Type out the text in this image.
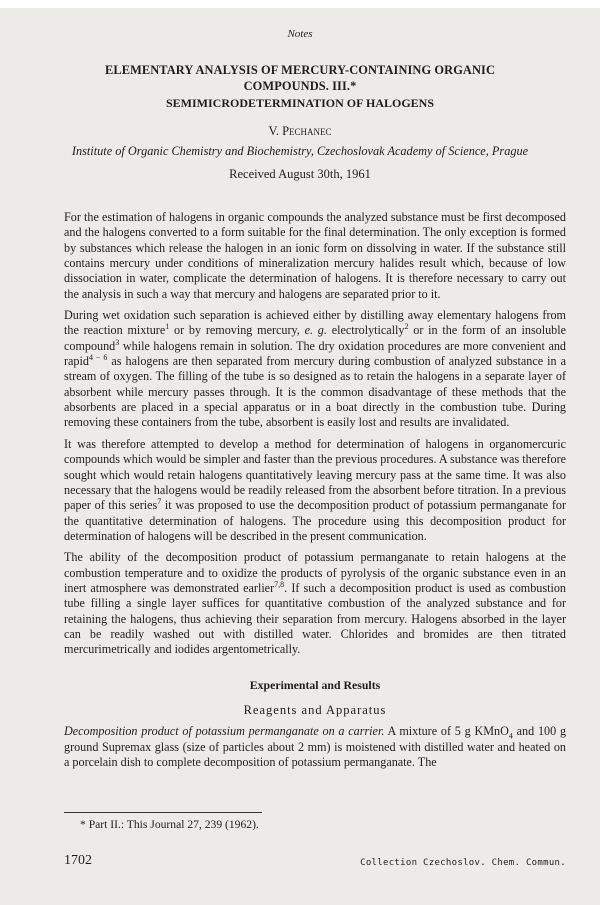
Notes
ELEMENTARY ANALYSIS OF MERCURY-CONTAINING ORGANIC
COMPOUNDS. III.*
SEMIMICRODETERMINATION OF HALOGENS
V. Pechanec
Institute of Organic Chemistry and Biochemistry, Czechoslovak Academy of Science, Prague
Received August 30th, 1961

For the estimation of halogens in organic compounds the analyzed substance must be first decomposed and the halogens converted to a form suitable for the final determination. The only exception is formed by substances which release the halogen in an ionic form on dissolving in water. If the substance still contains mercury under conditions of mineralization mercury halides result which, because of low dissociation in water, complicate the determination of halogens. It is therefore necessary to carry out the analysis in such a way that mercury and halogens are separated prior to it.

During wet oxidation such separation is achieved either by distilling away elementary halogens from the reaction mixture$^1$ or by removing mercury, e. g. electrolytically$^2$ or in the form of an insoluble compound$^3$ while halogens remain in solution. The dry oxidation procedures are more convenient and rapid$^{4 - 6}$ as halogens are then separated from mercury during combustion of analyzed substance in a stream of oxygen. The filling of the tube is so designed as to retain the halogens in a separate layer of absorbent while mercury passes through. It is the common disadvantage of these methods that the absorbents are placed in a special apparatus or in a boat directly in the combustion tube. During removing these containers from the tube, absorbent is easily lost and results are invalidated.

It was therefore attempted to develop a method for determination of halogens in organomercuric compounds which would be simpler and faster than the previous procedures. A substance was therefore sought which would retain halogens quantitatively leaving mercury pass at the same time. It was also necessary that the halogens would be readily released from the absorbent before titration. In a previous paper of this series$^7$ it was proposed to use the decomposition product of potassium permanganate for the quantitative determination of halogens. The procedure using this decomposition product for determination of halogens will be described in the present communication.

The ability of the decomposition product of potassium permanganate to retain halogens at the combustion temperature and to oxidize the products of pyrolysis of the organic substance even in an inert atmosphere was demonstrated earlier$^{7,8}$. If such a decomposition product is used as combustion tube filling a single layer suffices for quantitative combustion of the analyzed substance and for retaining the halogens, thus achieving their separation from mercury. Halogens absorbed in the layer can be readily washed out with distilled water. Chlorides and bromides are then titrated mercurimetrically and iodides argentometrically.

Experimental and Results
Reagents and Apparatus

Decomposition product of potassium permanganate on a carrier. A mixture of 5 g KMnO$_4$ and 100 g ground Supremax glass (size of particles about 2 mm) is moistened with distilled water and heated on a porcelain dish to complete decomposition of potassium permanganate. The

* Part II.: This Journal 27, 239 (1962).
1702	Collection Czechoslov. Chem. Commun.
